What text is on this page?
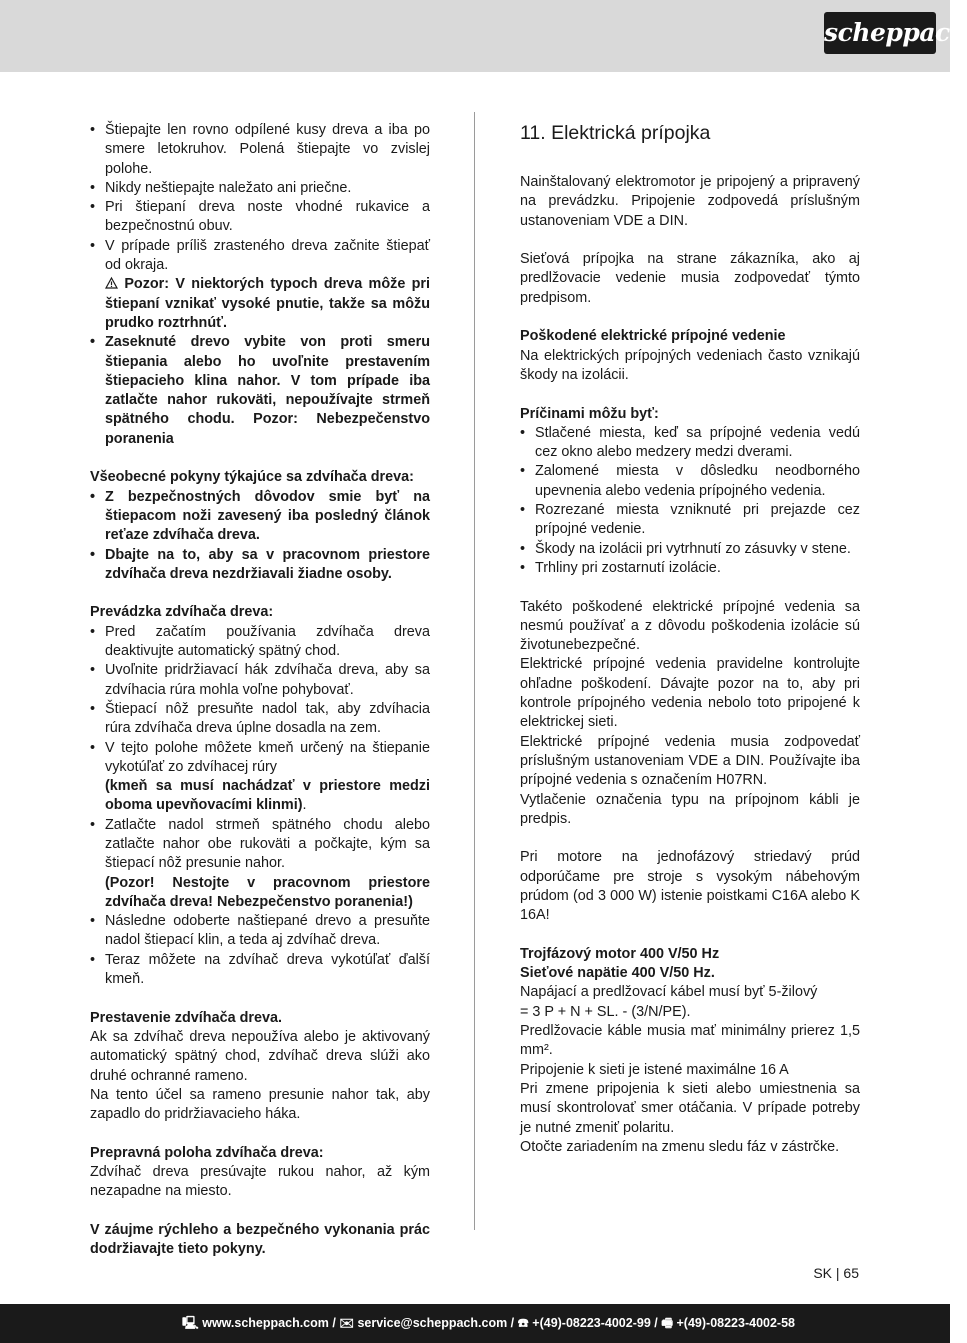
scheppach
• Štiepajte len rovno odpílené kusy dreva a iba po smere letokruhov. Polená štiepajte vo zvislej polohe.
• Nikdy neštiepajte naležato ani priečne.
• Pri štiepaní dreva noste vhodné rukavice a bezpečnostnú obuv.
• V prípade príliš zrasteného dreva začnite štiepať od okraja.
Pozor: V niektorých typoch dreva môže pri štiepaní vznikať vysoké pnutie, takže sa môžu prudko roztrhnúť.
• Zaseknuté drevo vybite von proti smeru štiepania alebo ho uvoľnite prestavením štiepacieho klina nahor. V tom prípade iba zatlačte nahor rukoväti, nepoužívajte strmeň spätného chodu. Pozor: Nebezpečenstvo poranenia

Všeobecné pokyny týkajúce sa zdvíhača dreva:

• Z bezpečnostných dôvodov smie byť na štiepacom noži zavesený iba posledný článok reťaze zdvíhača dreva.
• Dbajte na to, aby sa v pracovnom priestore zdvíhača dreva nezdržiavali žiadne osoby.

Prevádzka zdvíhača dreva:

• Pred začatím používania zdvíhača dreva deaktivujte automatický spätný chod.
• Uvoľnite pridržiavací hák zdvíhača dreva, aby sa zdvíhacia rúra mohla voľne pohybovať.
• Štiepací nôž presuňte nadol tak, aby zdvíhacia rúra zdvíhača dreva úplne dosadla na zem.
• V tejto polohe môžete kmeň určený na štiepanie vykotúľať zo zdvíhacej rúry
(kmeň sa musí nachádzať v priestore medzi oboma upevňovacími klinmi).
• Zatlačte nadol strmeň spätného chodu alebo zatlačte nahor obe rukoväti a počkajte, kým sa štiepací nôž presunie nahor.
(Pozor! Nestojte v pracovnom priestore zdvíhača dreva! Nebezpečenstvo poranenia!)
• Následne odoberte naštiepané drevo a presuňte nadol štiepací klin, a teda aj zdvíhač dreva.
• Teraz môžete na zdvíhač dreva vykotúľať ďalší kmeň.

Prestavenie zdvíhača dreva.

Ak sa zdvíhač dreva nepoužíva alebo je aktivovaný automatický spätný chod, zdvíhač dreva slúži ako druhé ochranné rameno.

Na tento účel sa rameno presunie nahor tak, aby zapadlo do pridržiavacieho háka.

Prepravná poloha zdvíhača dreva:

Zdvíhač dreva presúvajte rukou nahor, až kým nezapadne na miesto.

V záujme rýchleho a bezpečného vykonania prác dodržiavajte tieto pokyny.

11. Elektrická prípojka

Nainštalovaný elektromotor je pripojený a pripravený na prevádzku. Pripojenie zodpovedá príslušným ustanoveniam VDE a DIN.

Sieťová prípojka na strane zákazníka, ako aj predlžovacie vedenie musia zodpovedať týmto predpisom.

Poškodené elektrické prípojné vedenie

Na elektrických prípojných vedeniach často vznikajú škody na izolácii.

Príčinami môžu byť:

• Stlačené miesta, keď sa prípojné vedenia vedú cez okno alebo medzery medzi dverami.
• Zalomené miesta v dôsledku neodborného upevnenia alebo vedenia prípojného vedenia.
• Rozrezané miesta vzniknuté pri prejazde cez prípojné vedenie.
• Škody na izolácii pri vytrhnutí zo zásuvky v stene.
• Trhliny pri zostarnutí izolácie.

Takéto poškodené elektrické prípojné vedenia sa nesmú používať a z dôvodu poškodenia izolácie sú životunebezpečné.

Elektrické prípojné vedenia pravidelne kontrolujte ohľadne poškodení. Dávajte pozor na to, aby pri kontrole prípojného vedenia nebolo toto pripojené k elektrickej sieti.

Elektrické prípojné vedenia musia zodpovedať príslušným ustanoveniam VDE a DIN. Používajte iba prípojné vedenia s označením H07RN.

Vytlačenie označenia typu na prípojnom kábli je predpis.

Pri motore na jednofázový striedavý prúd odporúčame pre stroje s vysokým nábehovým prúdom (od 3 000 W) istenie poistkami C16A alebo K 16A!

Trojfázový motor 400 V/50 Hz

Sieťové napätie 400 V/50 Hz.

Napájací a predlžovací kábel musí byť 5-žilový

= 3 P + N + SL. - (3/N/PE).

Predlžovacie káble musia mať minimálny prierez 1,5 mm².

Pripojenie k sieti je istené maximálne 16 A

Pri zmene pripojenia k sieti alebo umiestnenia sa musí skontrolovať smer otáčania. V prípade potreby je nutné zmeniť polaritu.

Otočte zariadením na zmenu sledu fáz v zástrčke.

SK | 65
🖳 www.scheppach.com / ✉ service@scheppach.com / ☎ +(49)-08223-4002-99 / 🖷 +(49)-08223-4002-58
